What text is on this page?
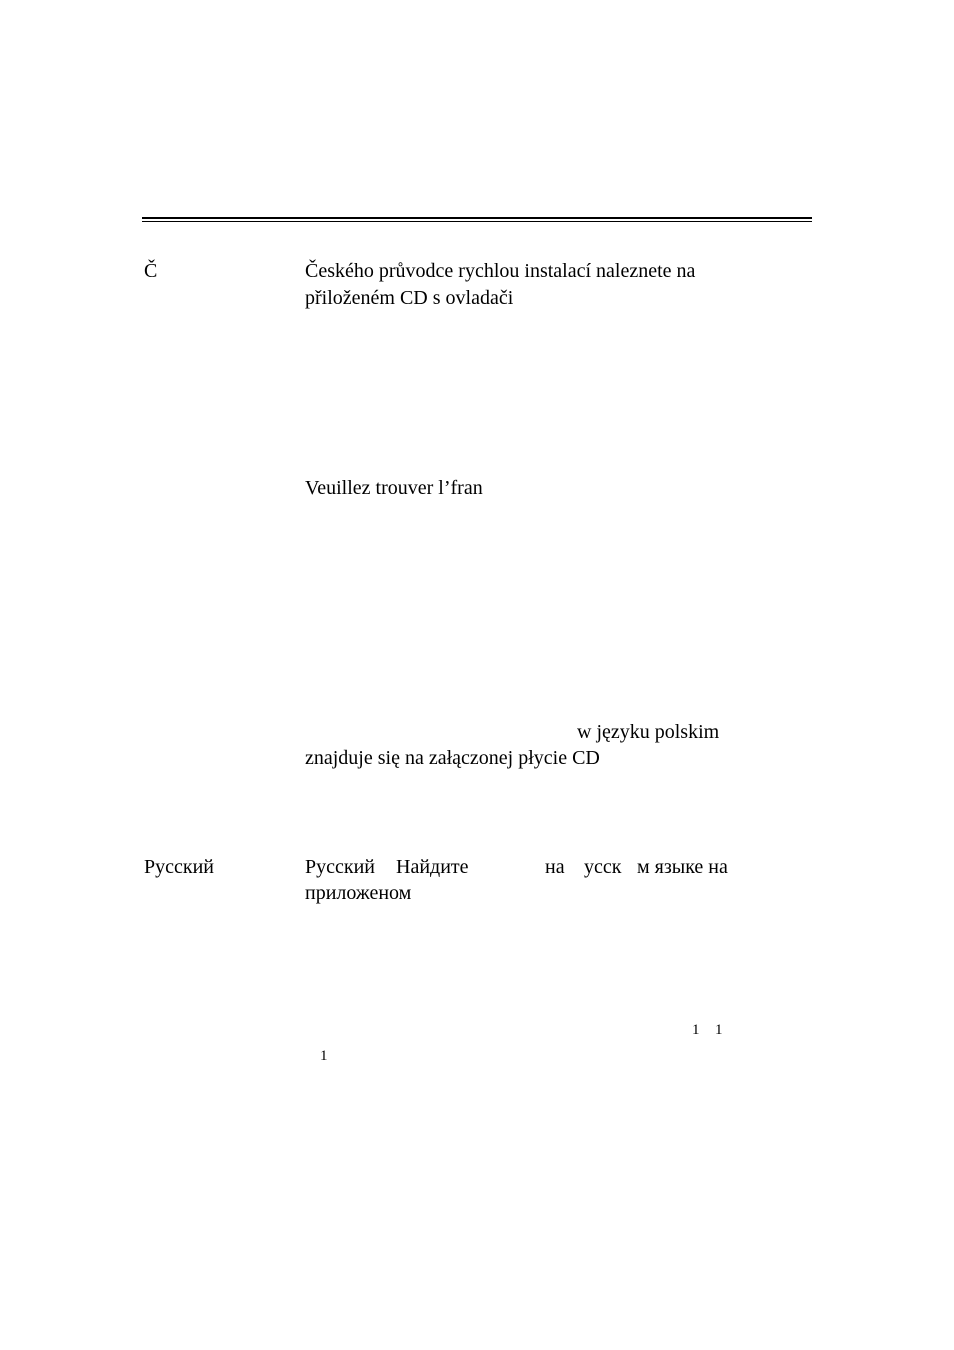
Č	Českého průvodce rychlou instalací naleznete na
přiloženém CD s ovladači
Veuillez trouver l’fran
w języku polskim
znajduje się na załączonej płycie CD
Русский	Русский Найдите	на усск м языке на
приложеном
1 1
1
